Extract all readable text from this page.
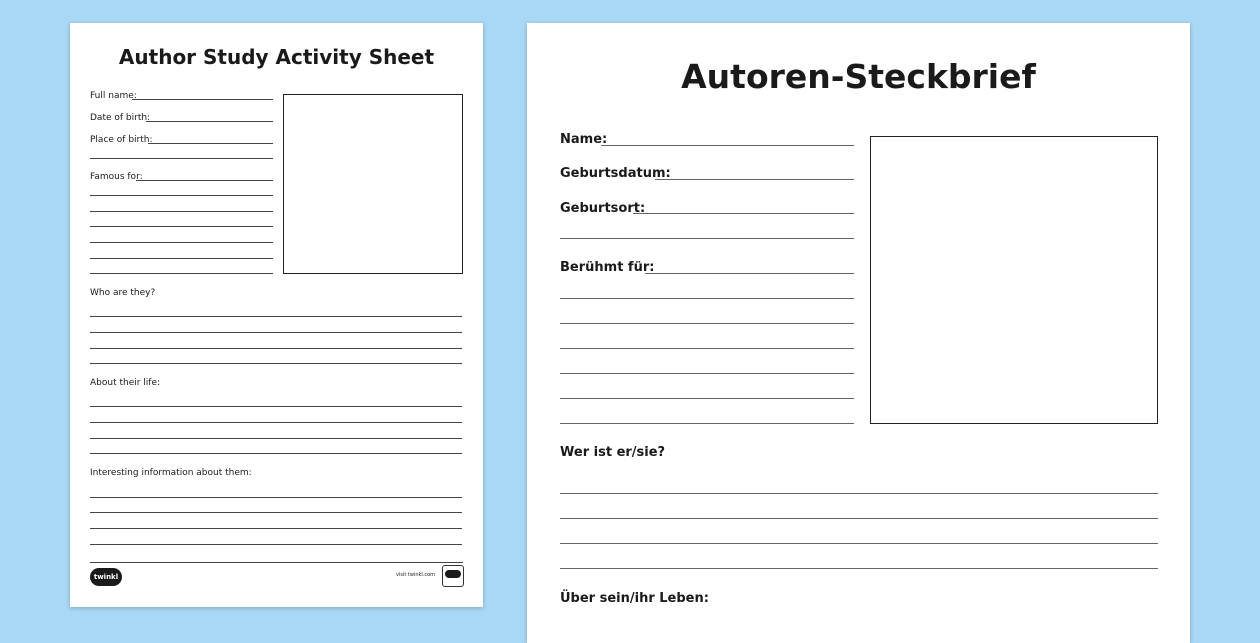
Author Study Activity Sheet
Full name:
Date of birth:
Place of birth:
Famous for:
Who are they?
About their life:
Interesting information about them:
twinkl	visit twinkl.com
Autoren-Steckbrief
Name:
Geburtsdatum:
Geburtsort:
Berühmt für:
Wer ist er/sie?
Über sein/ihr Leben:
